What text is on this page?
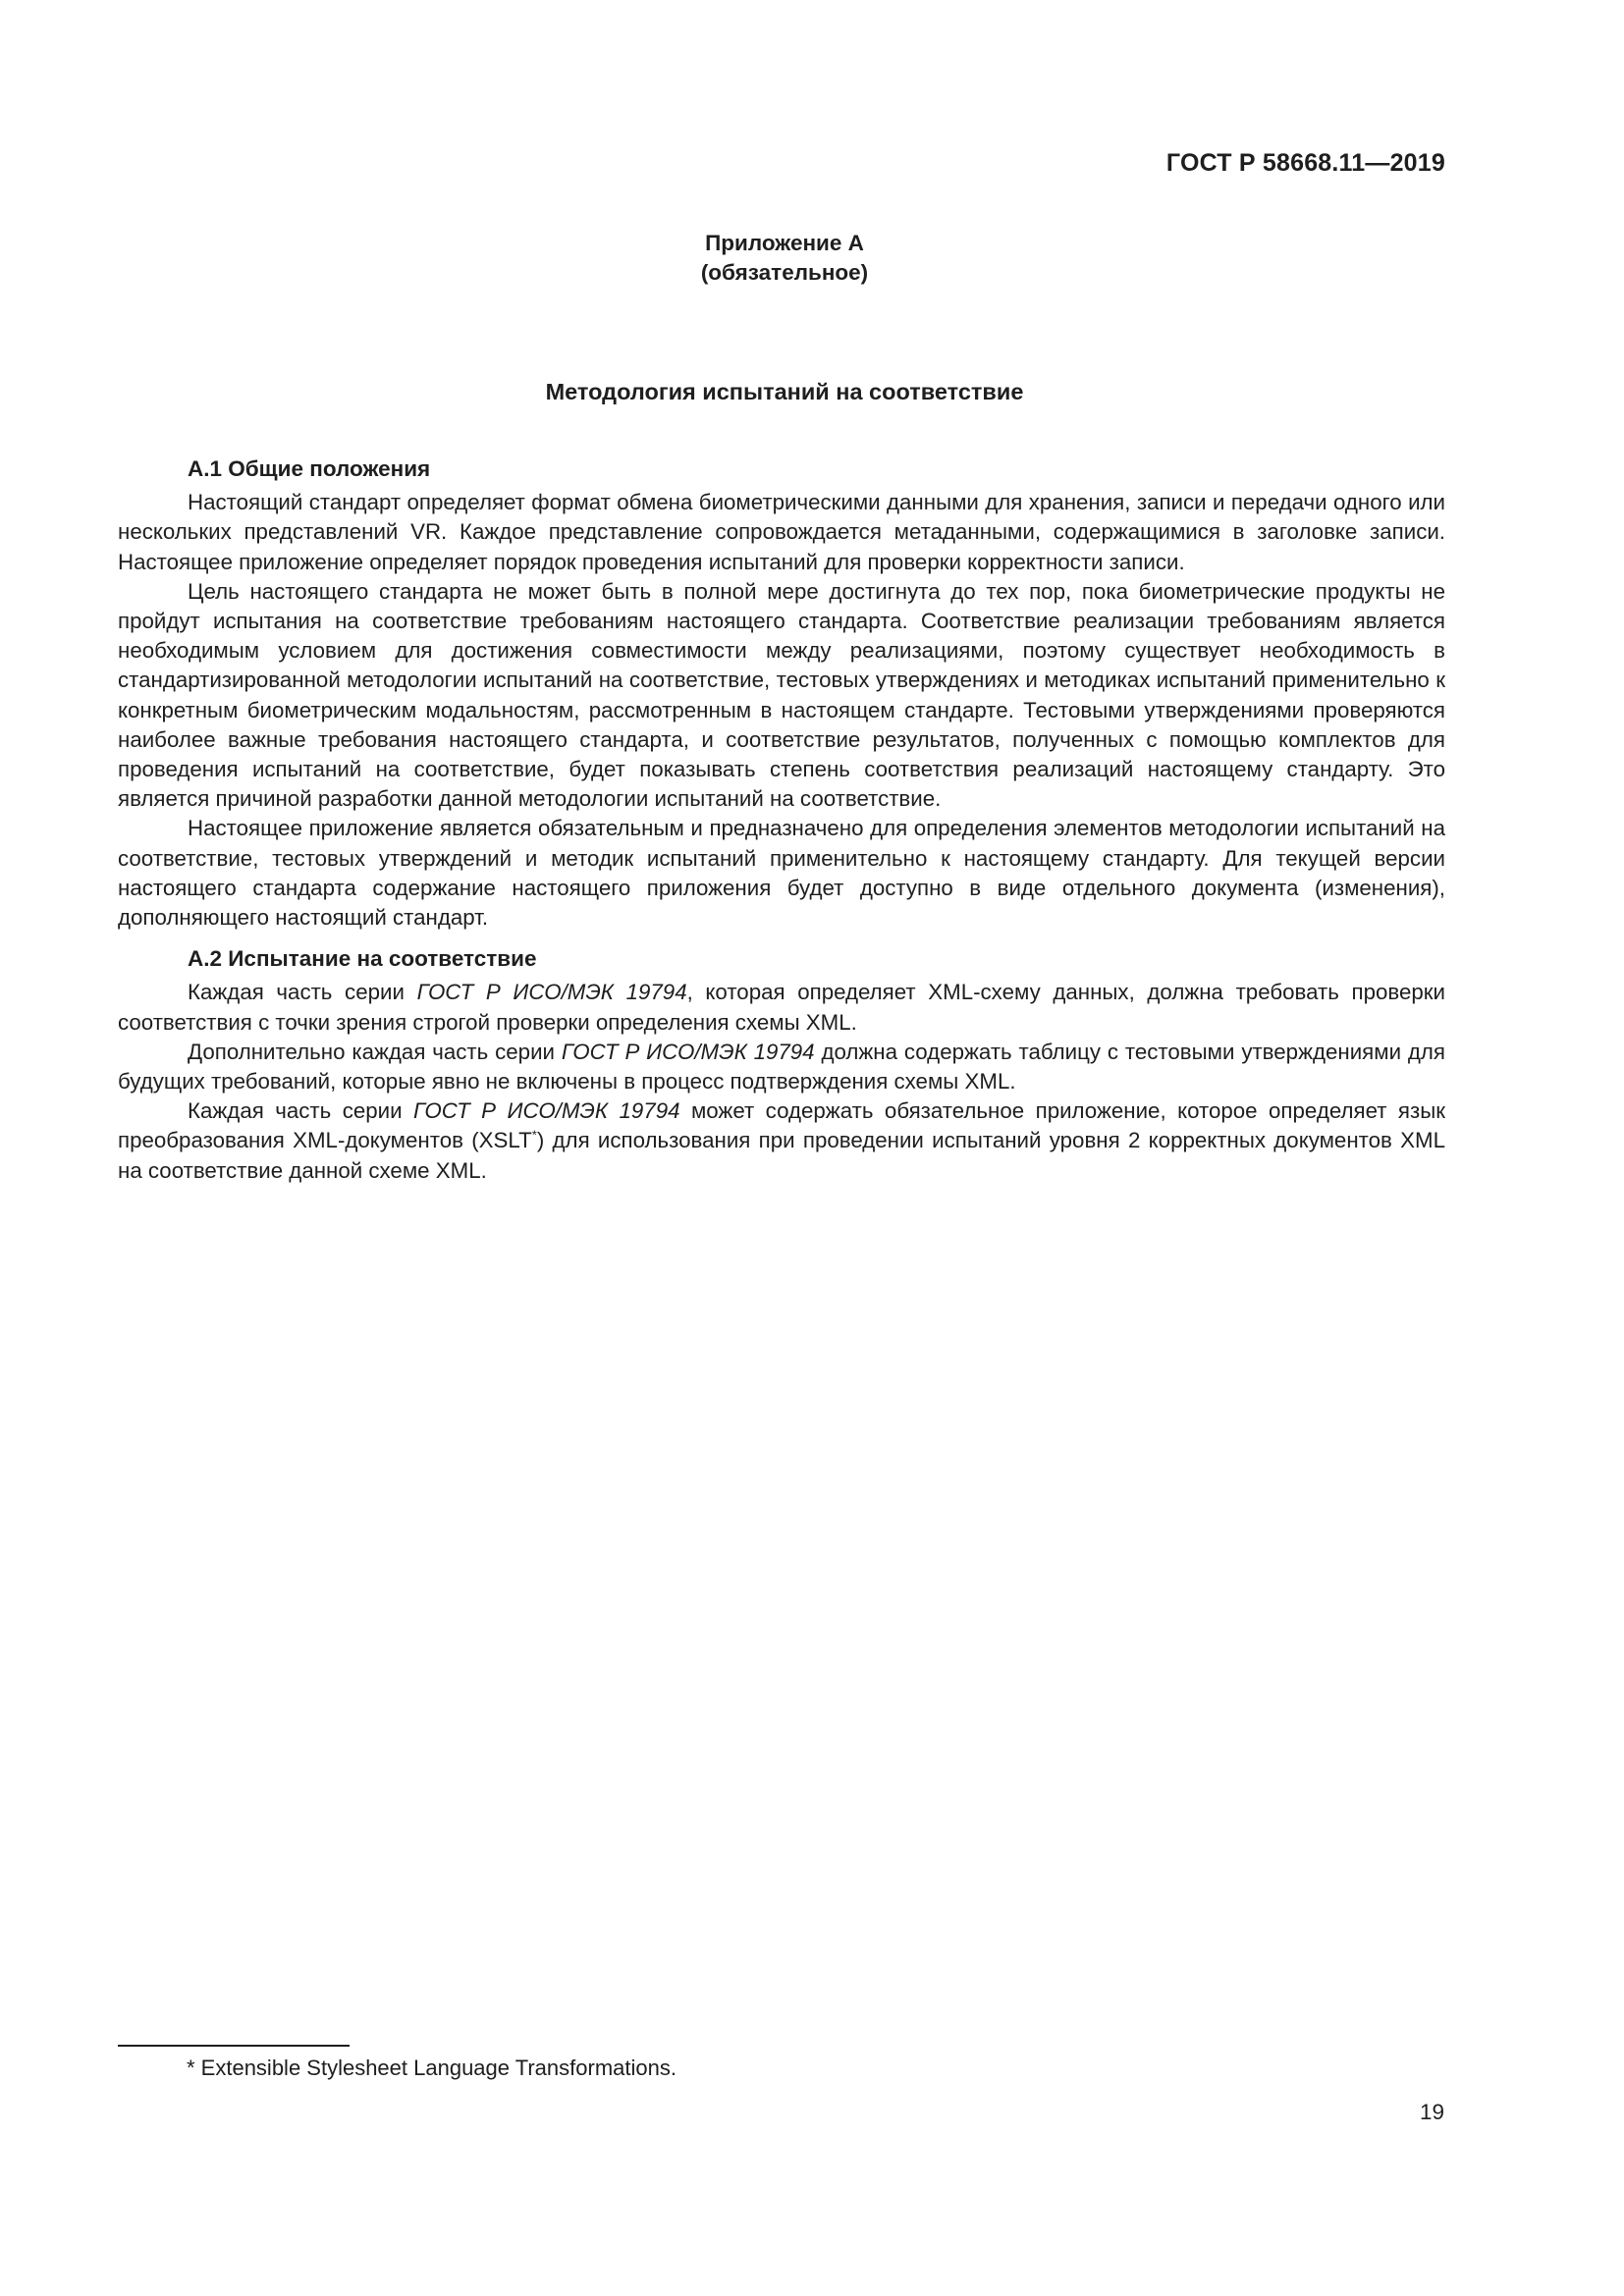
ГОСТ Р 58668.11—2019
Приложение А
(обязательное)
Методология испытаний на соответствие
А.1 Общие положения

Настоящий стандарт определяет формат обмена биометрическими данными для хранения, записи и передачи одного или нескольких представлений VR. Каждое представление сопровождается метаданными, содержащимися в заголовке записи. Настоящее приложение определяет порядок проведения испытаний для проверки корректности записи.

Цель настоящего стандарта не может быть в полной мере достигнута до тех пор, пока биометрические продукты не пройдут испытания на соответствие требованиям настоящего стандарта. Соответствие реализации требованиям является необходимым условием для достижения совместимости между реализациями, поэтому существует необходимость в стандартизированной методологии испытаний на соответствие, тестовых утверждениях и методиках испытаний применительно к конкретным биометрическим модальностям, рассмотренным в настоящем стандарте. Тестовыми утверждениями проверяются наиболее важные требования настоящего стандарта, и соответствие результатов, полученных с помощью комплектов для проведения испытаний на соответствие, будет показывать степень соответствия реализаций настоящему стандарту. Это является причиной разработки данной методологии испытаний на соответствие.

Настоящее приложение является обязательным и предназначено для определения элементов методологии испытаний на соответствие, тестовых утверждений и методик испытаний применительно к настоящему стандарту. Для текущей версии настоящего стандарта содержание настоящего приложения будет доступно в виде отдельного документа (изменения), дополняющего настоящий стандарт.

А.2 Испытание на соответствие

Каждая часть серии ГОСТ Р ИСО/МЭК 19794, которая определяет XML-схему данных, должна требовать проверки соответствия с точки зрения строгой проверки определения схемы XML.

Дополнительно каждая часть серии ГОСТ Р ИСО/МЭК 19794 должна содержать таблицу с тестовыми утверждениями для будущих требований, которые явно не включены в процесс подтверждения схемы XML.

Каждая часть серии ГОСТ Р ИСО/МЭК 19794 может содержать обязательное приложение, которое определяет язык преобразования XML-документов (XSLT*) для использования при проведении испытаний уровня 2 корректных документов XML на соответствие данной схеме XML.

* Extensible Stylesheet Language Transformations.
19
